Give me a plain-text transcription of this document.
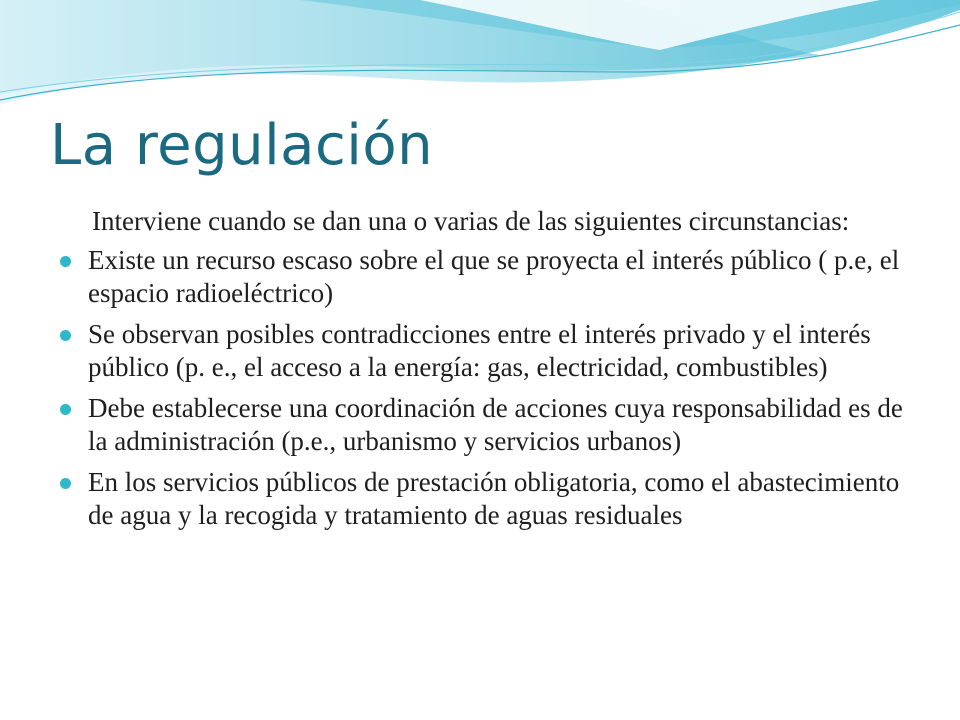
La regulación

Interviene cuando se dan una o varias de las siguientes circunstancias:

Existe un recurso escaso sobre el que se proyecta el interés público ( p.e, el espacio radioeléctrico)
Se observan posibles contradicciones entre el interés privado y el interés público (p. e., el acceso a la energía: gas, electricidad, combustibles)
Debe establecerse una coordinación de acciones cuya responsabilidad es de la administración (p.e., urbanismo y servicios urbanos)
En los servicios públicos de prestación obligatoria, como el abastecimiento de agua y la recogida y tratamiento de aguas residuales
